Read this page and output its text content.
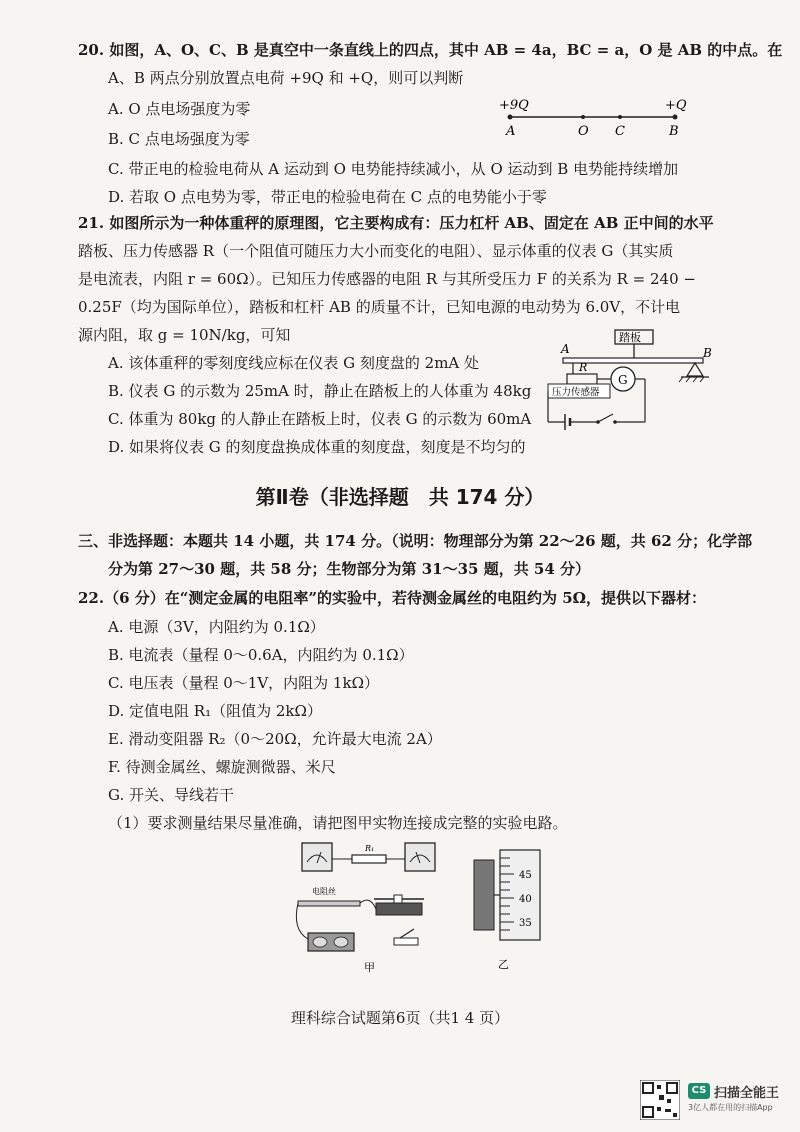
20. 如图，A、O、C、B 是真空中一条直线上的四点，其中 AB = 4a，BC = a，O 是 AB 的中点。在
A、B 两点分别放置点电荷 +9Q 和 +Q，则可以判断
A. O 点电场强度为零
B. C 点电场强度为零
C. 带正电的检验电荷从 A 运动到 O 电势能持续减小，从 O 运动到 B 电势能持续增加
D. 若取 O 点电势为零，带正电的检验电荷在 C 点的电势能小于零
+9Q	+Q
A	O C	B
21. 如图所示为一种体重秤的原理图，它主要构成有：压力杠杆 AB、固定在 AB 正中间的水平
踏板、压力传感器 R（一个阻值可随压力大小而变化的电阻）、显示体重的仪表 G（其实质
是电流表，内阻 r = 60Ω）。已知压力传感器的电阻 R 与其所受压力 F 的关系为 R = 240 −
0.25F（均为国际单位），踏板和杠杆 AB 的质量不计，已知电源的电动势为 6.0V，不计电
源内阻，取 g = 10N/kg，可知
A. 该体重秤的零刻度线应标在仪表 G 刻度盘的 2mA 处
B. 仪表 G 的示数为 25mA 时，静止在踏板上的人体重为 48kg
C. 体重为 80kg 的人静止在踏板上时，仪表 G 的示数为 60mA
D. 如果将仪表 G 的刻度盘换成体重的刻度盘，刻度是不均匀的
踏板
A	B
R
G
压力传感器
第Ⅱ卷（非选择题　共 174 分）
三、非选择题：本题共 14 小题，共 174 分。（说明：物理部分为第 22～26 题，共 62 分；化学部
分为第 27～30 题，共 58 分；生物部分为第 31～35 题，共 54 分）
22.（6 分）在“测定金属的电阻率”的实验中，若待测金属丝的电阻约为 5Ω，提供以下器材：
A. 电源（3V，内阻约为 0.1Ω）
B. 电流表（量程 0～0.6A，内阻约为 0.1Ω）
C. 电压表（量程 0～1V，内阻为 1kΩ）
D. 定值电阻 R₁（阻值为 2kΩ）
E. 滑动变阻器 R₂（0～20Ω，允许最大电流 2A）
F. 待测金属丝、螺旋测微器、米尺
G. 开关、导线若干
（1）要求测量结果尽量准确，请把图甲实物连接成完整的实验电路。
R₁
电阻丝
甲
45
40
35
乙
理科综合试题第6页（共1 4 页）
CS 扫描全能王
3亿人都在用的扫描App
